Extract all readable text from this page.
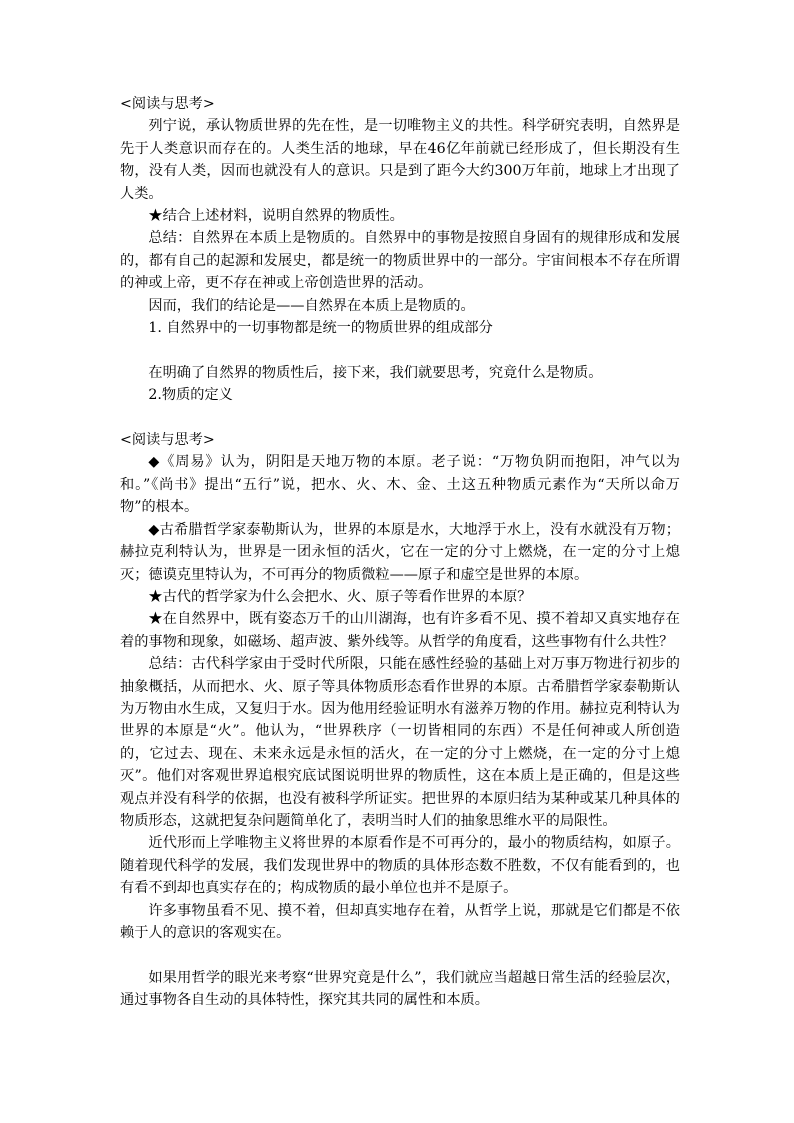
<阅读与思考>

列宁说，承认物质世界的先在性，是一切唯物主义的共性。科学研究表明，自然界是先于人类意识而存在的。人类生活的地球，早在46亿年前就已经形成了，但长期没有生物，没有人类，因而也就没有人的意识。只是到了距今大约300万年前，地球上才出现了人类。

★结合上述材料，说明自然界的物质性。

总结：自然界在本质上是物质的。自然界中的事物是按照自身固有的规律形成和发展的，都有自己的起源和发展史，都是统一的物质世界中的一部分。宇宙间根本不存在所谓的神或上帝，更不存在神或上帝创造世界的活动。

因而，我们的结论是——自然界在本质上是物质的。

1. 自然界中的一切事物都是统一的物质世界的组成部分

在明确了自然界的物质性后，接下来，我们就要思考，究竟什么是物质。

2.物质的定义

<阅读与思考>

◆《周易》认为，阴阳是天地万物的本原。老子说：“万物负阴而抱阳，冲气以为和。”《尚书》提出“五行”说，把水、火、木、金、土这五种物质元素作为“天所以命万物”的根本。

◆古希腊哲学家泰勒斯认为，世界的本原是水，大地浮于水上，没有水就没有万物；赫拉克利特认为，世界是一团永恒的活火，它在一定的分寸上燃烧，在一定的分寸上熄灭；德谟克里特认为，不可再分的物质微粒——原子和虚空是世界的本原。

★古代的哲学家为什么会把水、火、原子等看作世界的本原？

★在自然界中，既有姿态万千的山川湖海，也有许多看不见、摸不着却又真实地存在着的事物和现象，如磁场、超声波、紫外线等。从哲学的角度看，这些事物有什么共性？

总结：古代科学家由于受时代所限，只能在感性经验的基础上对万事万物进行初步的抽象概括，从而把水、火、原子等具体物质形态看作世界的本原。古希腊哲学家泰勒斯认为万物由水生成，又复归于水。因为他用经验证明水有滋养万物的作用。赫拉克利特认为世界的本原是“火”。他认为，“世界秩序（一切皆相同的东西）不是任何神或人所创造的，它过去、现在、未来永远是永恒的活火，在一定的分寸上燃烧，在一定的分寸上熄灭”。他们对客观世界追根究底试图说明世界的物质性，这在本质上是正确的，但是这些观点并没有科学的依据，也没有被科学所证实。把世界的本原归结为某种或某几种具体的物质形态，这就把复杂问题简单化了，表明当时人们的抽象思维水平的局限性。

近代形而上学唯物主义将世界的本原看作是不可再分的，最小的物质结构，如原子。随着现代科学的发展，我们发现世界中的物质的具体形态数不胜数，不仅有能看到的，也有看不到却也真实存在的；构成物质的最小单位也并不是原子。

许多事物虽看不见、摸不着，但却真实地存在着，从哲学上说，那就是它们都是不依赖于人的意识的客观实在。

如果用哲学的眼光来考察“世界究竟是什么”，我们就应当超越日常生活的经验层次，通过事物各自生动的具体特性，探究其共同的属性和本质。
